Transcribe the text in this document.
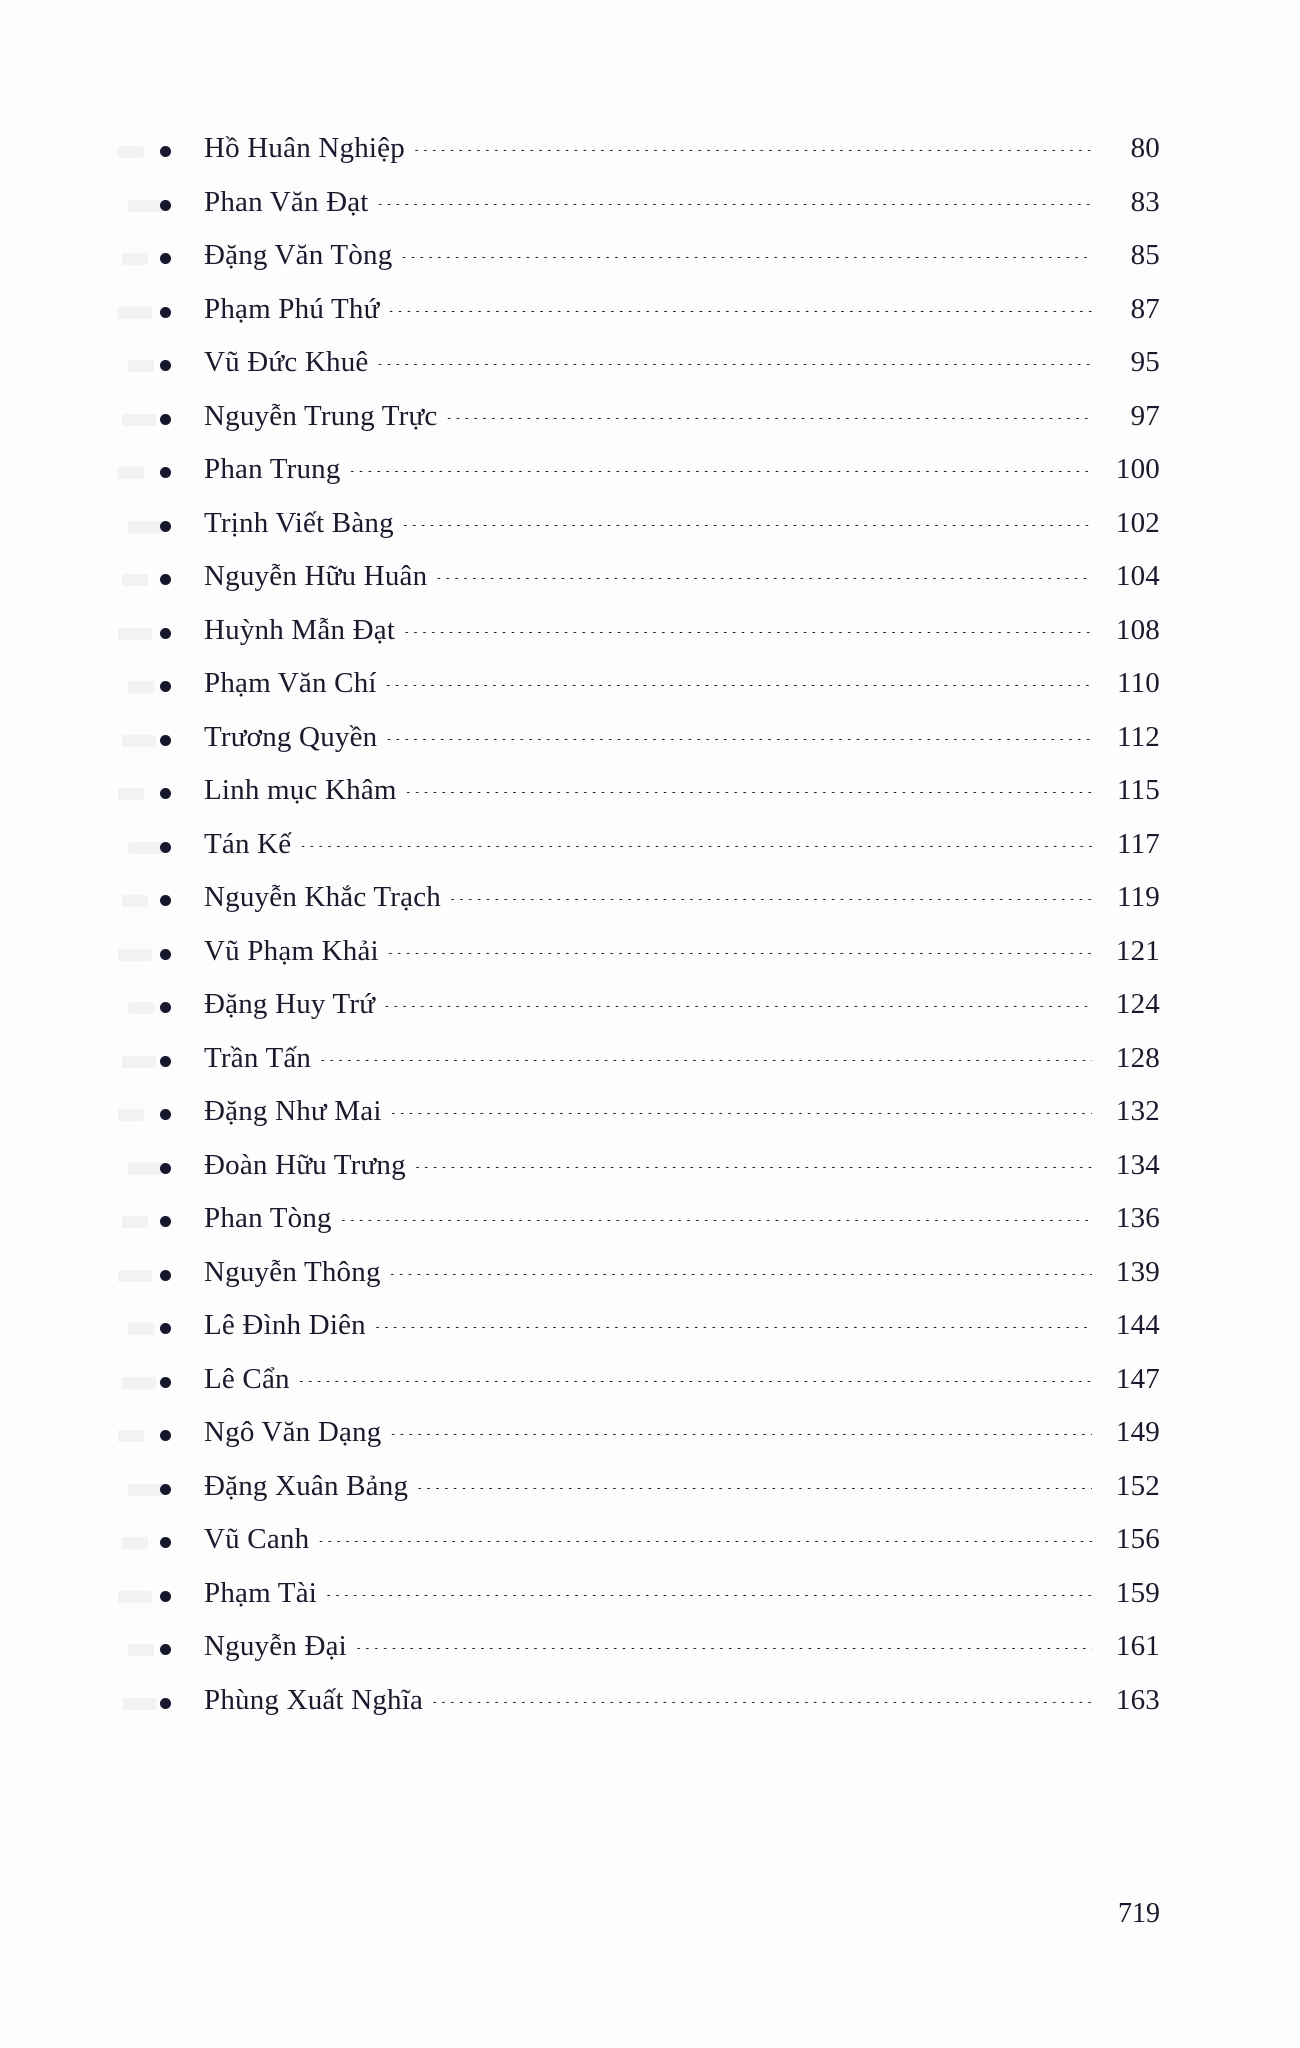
Hồ Huân Nghiệp .....	80
Phan Văn Đạt .....	83
Đặng Văn Tòng .....	85
Phạm Phú Thứ .....	87
Vũ Đức Khuê .....	95
Nguyễn Trung Trực .....	97
Phan Trung .....	100
Trịnh Viết Bàng .....	102
Nguyễn Hữu Huân .....	104
Huỳnh Mẫn Đạt .....	108
Phạm Văn Chí .....	110
Trương Quyền .....	112
Linh mục Khâm .....	115
Tán Kế .....	117
Nguyễn Khắc Trạch .....	119
Vũ Phạm Khải .....	121
Đặng Huy Trứ .....	124
Trần Tấn .....	128
Đặng Như Mai .....	132
Đoàn Hữu Trưng .....	134
Phan Tòng .....	136
Nguyễn Thông .....	139
Lê Đình Diên .....	144
Lê Cẩn .....	147
Ngô Văn Dạng .....	149
Đặng Xuân Bảng .....	152
Vũ Canh .....	156
Phạm Tài .....	159
Nguyễn Đại .....	161
Phùng Xuất Nghĩa .....	163
719
